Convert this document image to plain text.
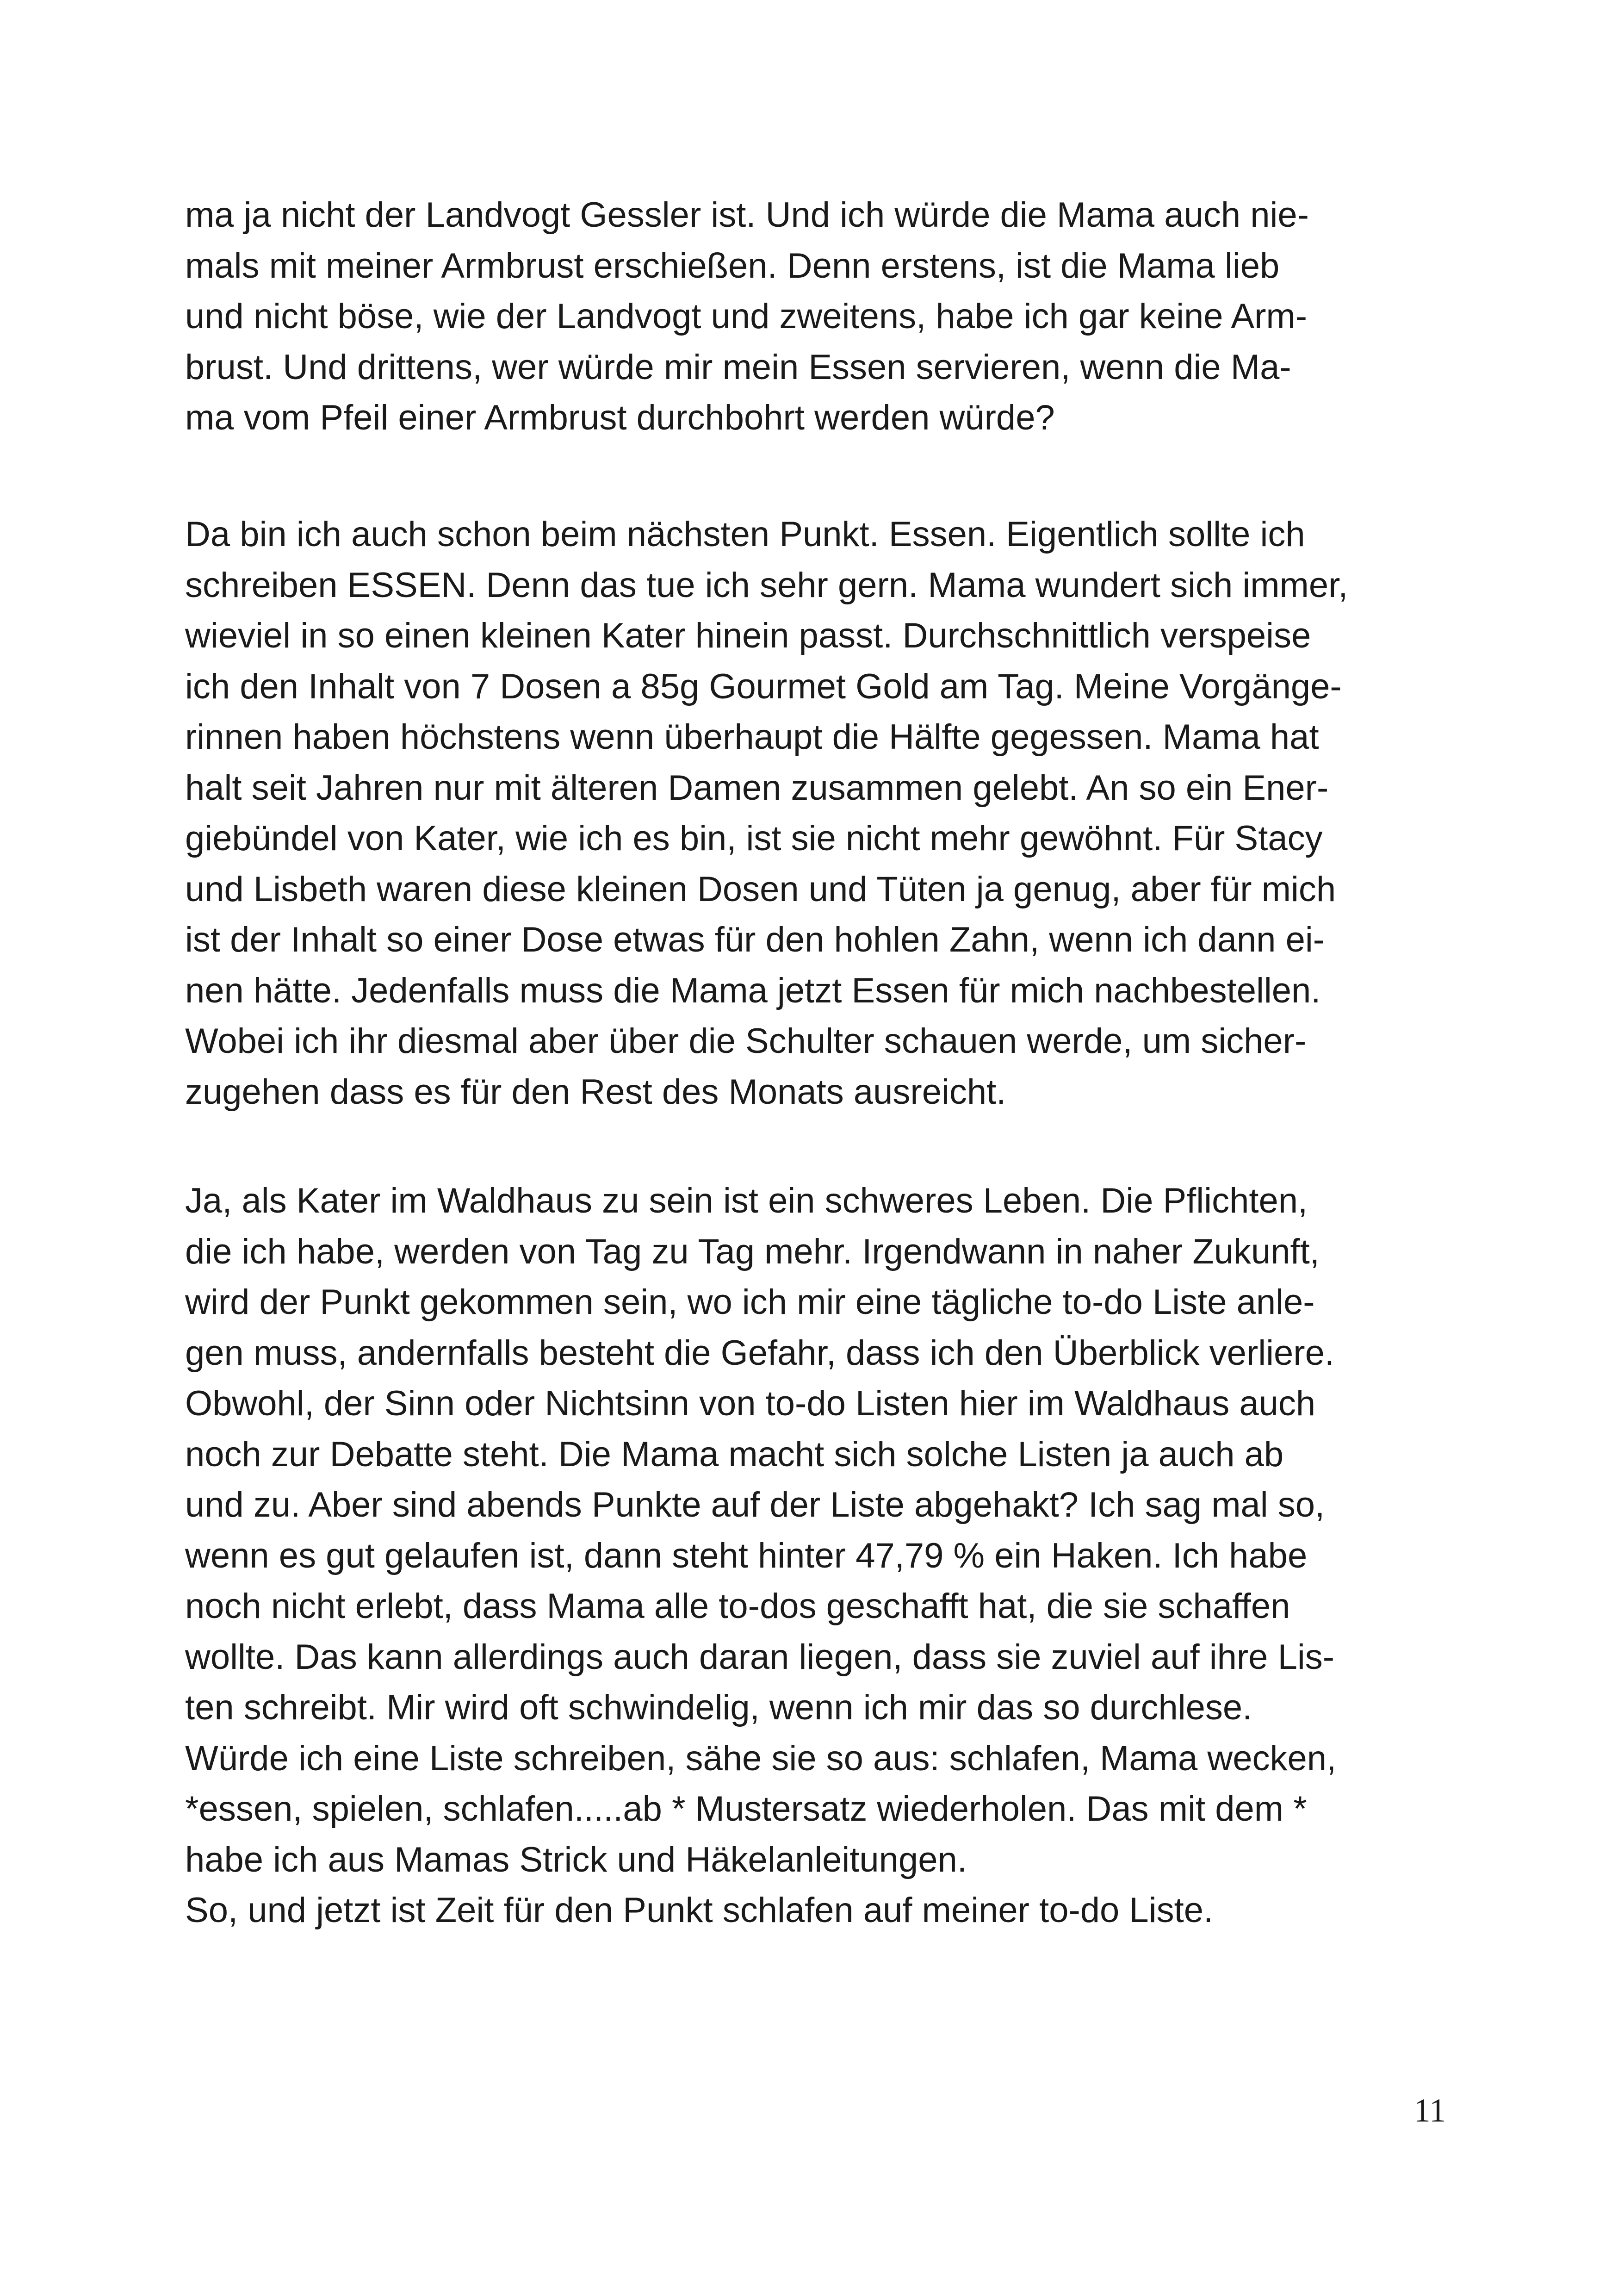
ma ja nicht der Landvogt Gessler ist. Und ich würde die Mama auch nie-
mals mit meiner Armbrust erschießen. Denn erstens, ist die Mama lieb
und nicht böse, wie der Landvogt und zweitens, habe ich gar keine Arm-
brust. Und drittens, wer würde mir mein Essen servieren, wenn die Ma-
ma vom Pfeil einer Armbrust durchbohrt werden würde?
Da bin ich auch schon beim nächsten Punkt. Essen. Eigentlich sollte ich
schreiben ESSEN. Denn das tue ich sehr gern. Mama wundert sich immer,
wieviel in so einen kleinen Kater hinein passt. Durchschnittlich verspeise
ich den Inhalt von 7 Dosen a 85g Gourmet Gold am Tag. Meine Vorgänge-
rinnen haben höchstens wenn überhaupt die Hälfte gegessen. Mama hat
halt seit Jahren nur mit älteren Damen zusammen gelebt. An so ein Ener-
giebündel von Kater, wie ich es bin, ist sie nicht mehr gewöhnt. Für Stacy
und Lisbeth waren diese kleinen Dosen und Tüten ja genug, aber für mich
ist der Inhalt so einer Dose etwas für den hohlen Zahn, wenn ich dann ei-
nen hätte. Jedenfalls muss die Mama jetzt Essen für mich nachbestellen.
Wobei ich ihr diesmal aber über die Schulter schauen werde, um sicher-
zugehen dass es für den Rest des Monats ausreicht.
Ja, als Kater im Waldhaus zu sein ist ein schweres Leben. Die Pflichten,
die ich habe, werden von Tag zu Tag mehr. Irgendwann in naher Zukunft,
wird der Punkt gekommen sein, wo ich mir eine tägliche to-do Liste anle-
gen muss, andernfalls besteht die Gefahr, dass ich den Überblick verliere.
Obwohl, der Sinn oder Nichtsinn von to-do Listen hier im Waldhaus auch
noch zur Debatte steht. Die Mama macht sich solche Listen ja auch ab
und zu. Aber sind abends Punkte auf der Liste abgehakt? Ich sag mal so,
wenn es gut gelaufen ist, dann steht hinter 47,79 % ein Haken. Ich habe
noch nicht erlebt, dass Mama alle to-dos geschafft hat, die sie schaffen
wollte. Das kann allerdings auch daran liegen, dass sie zuviel auf ihre Lis-
ten schreibt. Mir wird oft schwindelig, wenn ich mir das so durchlese.
Würde ich eine Liste schreiben, sähe sie so aus: schlafen, Mama wecken,
*essen, spielen, schlafen.....ab * Mustersatz wiederholen. Das mit dem *
habe ich aus Mamas Strick und Häkelanleitungen.
So, und jetzt ist Zeit für den Punkt schlafen auf meiner to-do Liste.
11
